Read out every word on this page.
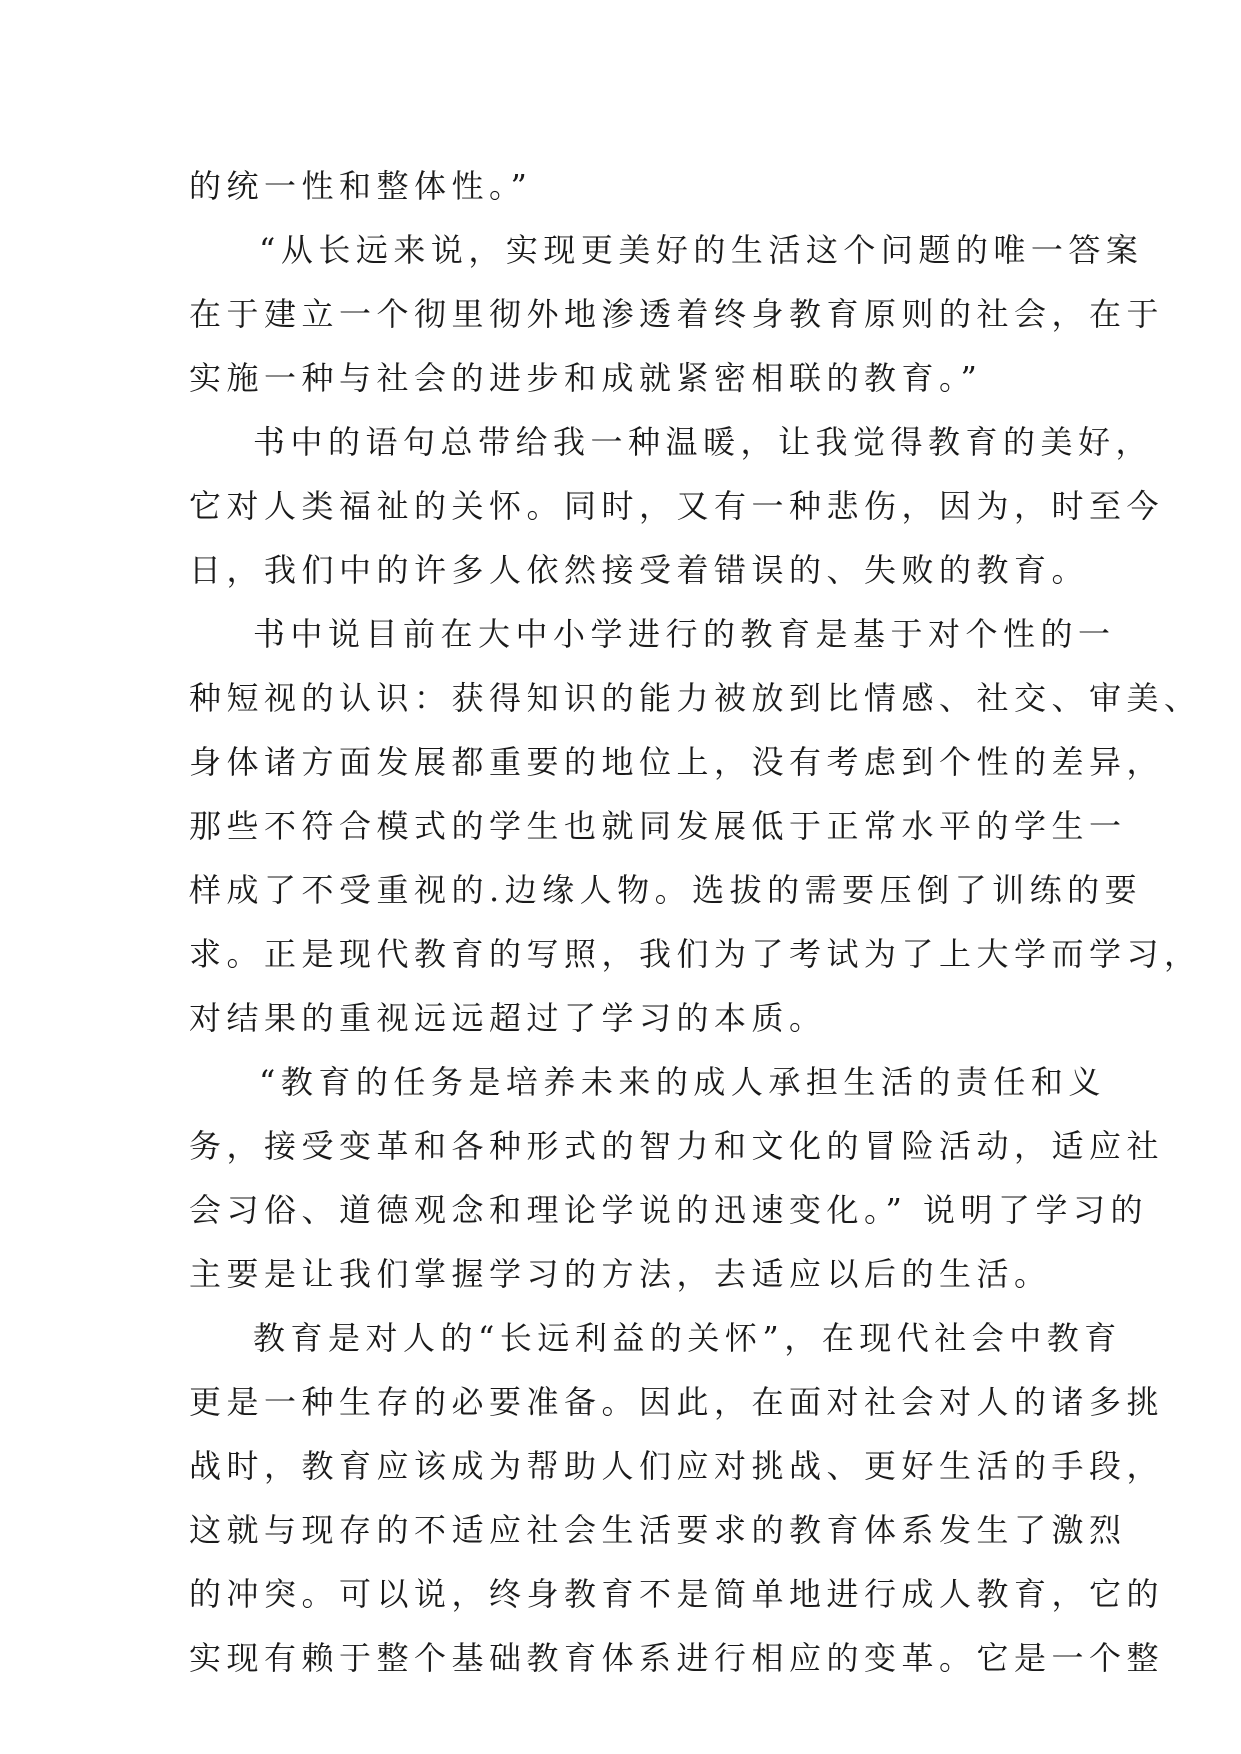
的统一性和整体性。”
“从长远来说，实现更美好的生活这个问题的唯一答案
在于建立一个彻里彻外地渗透着终身教育原则的社会，在于
实施一种与社会的进步和成就紧密相联的教育。”
书中的语句总带给我一种温暖，让我觉得教育的美好，
它对人类福祉的关怀。同时，又有一种悲伤，因为，时至今
日，我们中的许多人依然接受着错误的、失败的教育。
书中说目前在大中小学进行的教育是基于对个性的一
种短视的认识：获得知识的能力被放到比情感、社交、审美、
身体诸方面发展都重要的地位上，没有考虑到个性的差异，
那些不符合模式的学生也就同发展低于正常水平的学生一
样成了不受重视的.边缘人物。选拔的需要压倒了训练的要
求。正是现代教育的写照，我们为了考试为了上大学而学习，
对结果的重视远远超过了学习的本质。
“教育的任务是培养未来的成人承担生活的责任和义
务，接受变革和各种形式的智力和文化的冒险活动，适应社
会习俗、道德观念和理论学说的迅速变化。” 说明了学习的
主要是让我们掌握学习的方法，去适应以后的生活。
教育是对人的“长远利益的关怀”，在现代社会中教育
更是一种生存的必要准备。因此，在面对社会对人的诸多挑
战时，教育应该成为帮助人们应对挑战、更好生活的手段，
这就与现存的不适应社会生活要求的教育体系发生了激烈
的冲突。可以说，终身教育不是简单地进行成人教育，它的
实现有赖于整个基础教育体系进行相应的变革。它是一个整
